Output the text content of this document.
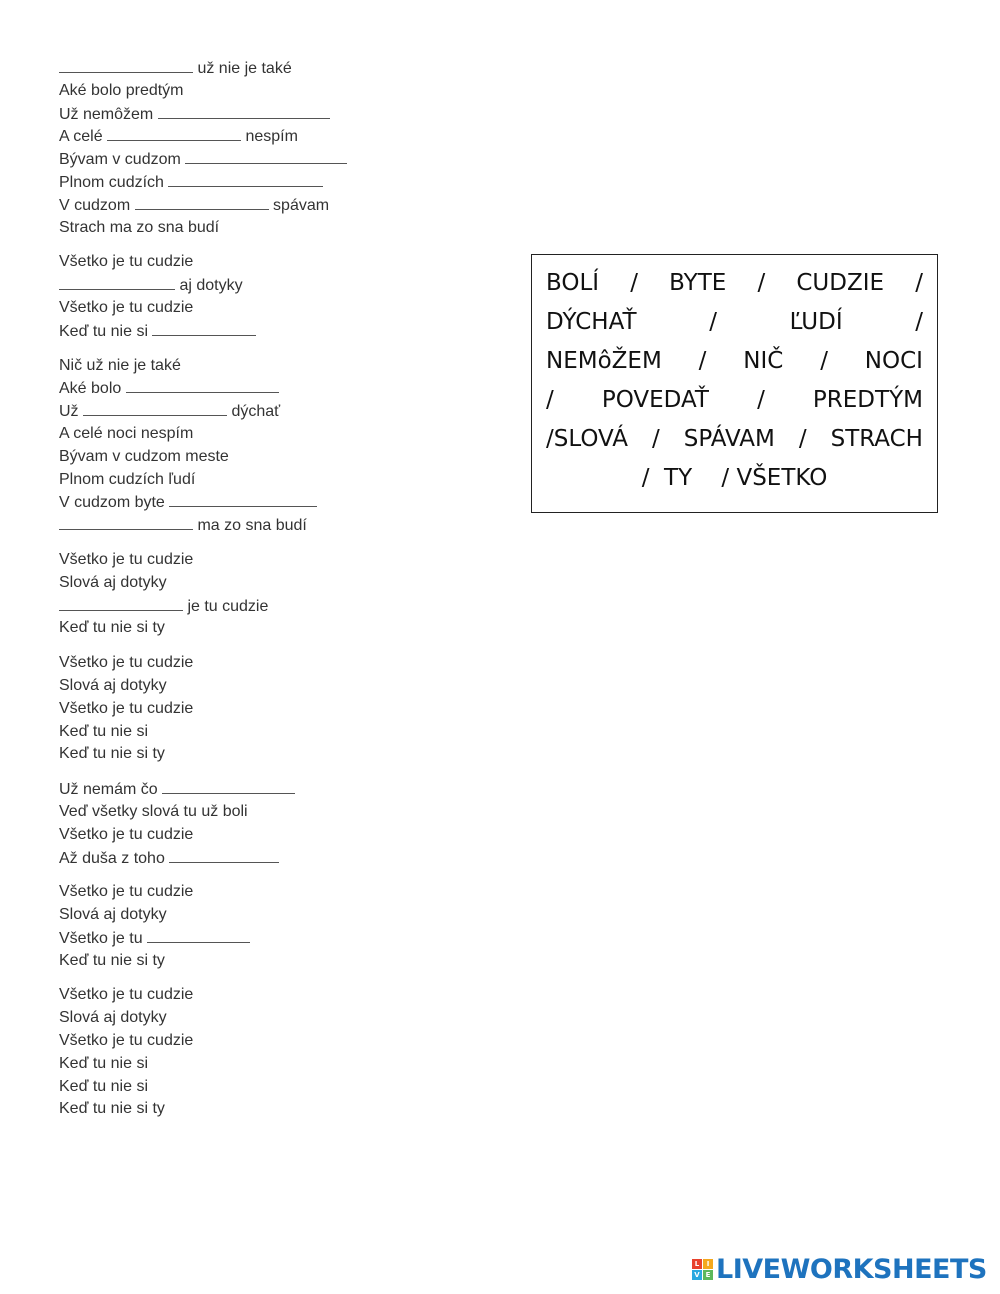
už nie je také
Aké bolo predtým
Už nemôžem
A celé	nespím
Bývam v cudzom
Plnom cudzích
V cudzom	spávam
Strach ma zo sna budí
Všetko je tu cudzie
aj dotyky
Všetko je tu cudzie
Keď tu nie si
Nič už nie je také
Aké bolo
Už	dýchať
A celé noci nespím
Bývam v cudzom meste
Plnom cudzích ľudí
V cudzom byte
ma zo sna budí
Všetko je tu cudzie
Slová aj dotyky
je tu cudzie
Keď tu nie si ty
Všetko je tu cudzie
Slová aj dotyky
Všetko je tu cudzie
Keď tu nie si
Keď tu nie si ty
Už nemám čo
Veď všetky slová tu už boli
Všetko je tu cudzie
Až duša z toho
Všetko je tu cudzie
Slová aj dotyky
Všetko je tu
Keď tu nie si ty
Všetko je tu cudzie
Slová aj dotyky
Všetko je tu cudzie
Keď tu nie si
Keď tu nie si
Keď tu nie si ty
BOLÍ / BYTE / CUDZIE /
DÝCHAŤ	/	ĽUDÍ	/
NEMôŽEM / NIČ / NOCI
/ POVEDAŤ / PREDTÝM
/SLOVÁ / SPÁVAM / STRACH
/  TY    / VŠETKO
L	I
V E LIVEWORKSHEETS
